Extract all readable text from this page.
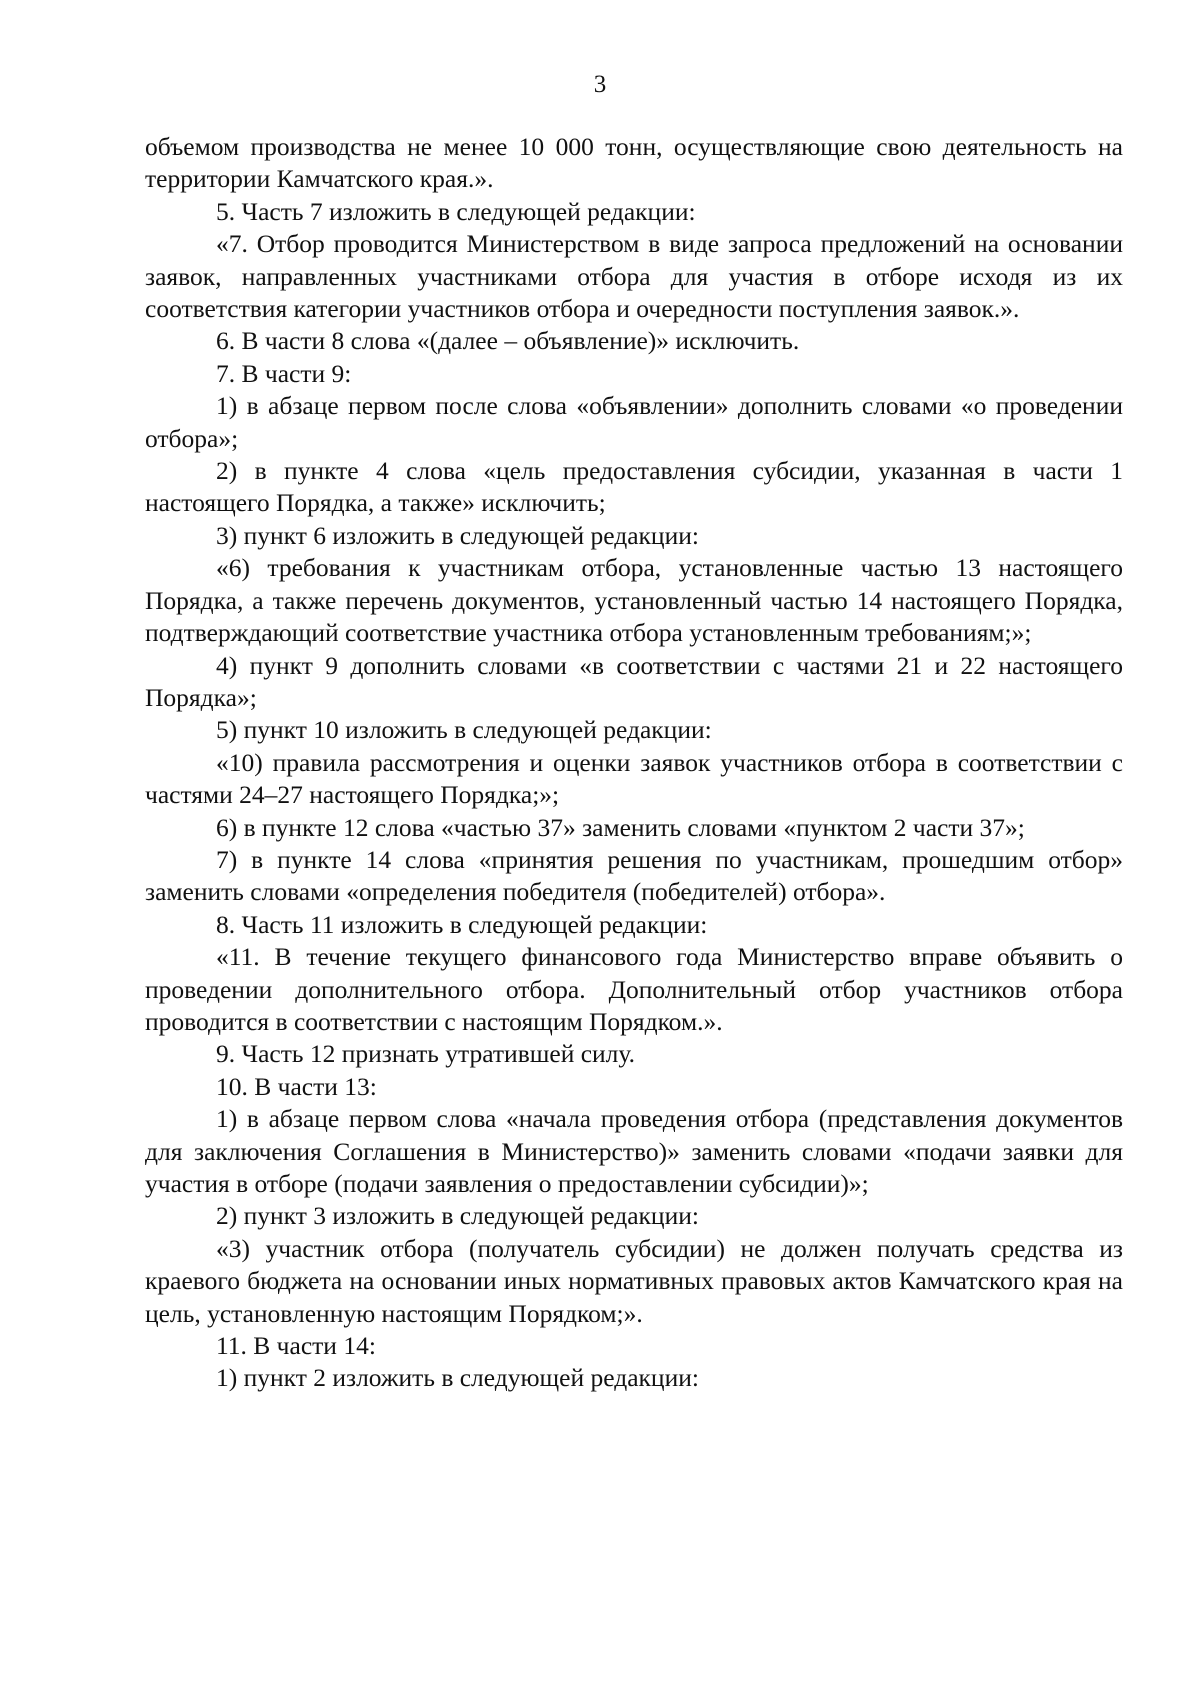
3

объемом производства не менее 10 000 тонн, осуществляющие свою деятельность на территории Камчатского края.».

5. Часть 7 изложить в следующей редакции:

«7. Отбор проводится Министерством в виде запроса предложений на основании заявок, направленных участниками отбора для участия в отборе исходя из их соответствия категории участников отбора и очередности поступления заявок.».

6. В части 8 слова «(далее – объявление)» исключить.

7. В части 9:

1) в абзаце первом после слова «объявлении» дополнить словами «о проведении отбора»;

2) в пункте 4 слова «цель предоставления субсидии, указанная в части 1 настоящего Порядка, а также» исключить;

3) пункт 6 изложить в следующей редакции:

«6) требования к участникам отбора, установленные частью 13 настоящего Порядка, а также перечень документов, установленный частью 14 настоящего Порядка, подтверждающий соответствие участника отбора установленным требованиям;»;

4) пункт 9 дополнить словами «в соответствии с частями 21 и 22 настоящего Порядка»;

5) пункт 10 изложить в следующей редакции:

«10) правила рассмотрения и оценки заявок участников отбора в соответствии с частями 24–27 настоящего Порядка;»;

6) в пункте 12 слова «частью 37» заменить словами «пунктом 2 части 37»;

7) в пункте 14 слова «принятия решения по участникам, прошедшим отбор» заменить словами «определения победителя (победителей) отбора».

8. Часть 11 изложить в следующей редакции:

«11. В течение текущего финансового года Министерство вправе объявить о проведении дополнительного отбора. Дополнительный отбор участников отбора проводится в соответствии с настоящим Порядком.».

9. Часть 12 признать утратившей силу.

10. В части 13:

1) в абзаце первом слова «начала проведения отбора (представления документов для заключения Соглашения в Министерство)» заменить словами «подачи заявки для участия в отборе (подачи заявления о предоставлении субсидии)»;

2) пункт 3 изложить в следующей редакции:

«3) участник отбора (получатель субсидии) не должен получать средства из краевого бюджета на основании иных нормативных правовых актов Камчатского края на цель, установленную настоящим Порядком;».

11. В части 14:

1) пункт 2 изложить в следующей редакции:
